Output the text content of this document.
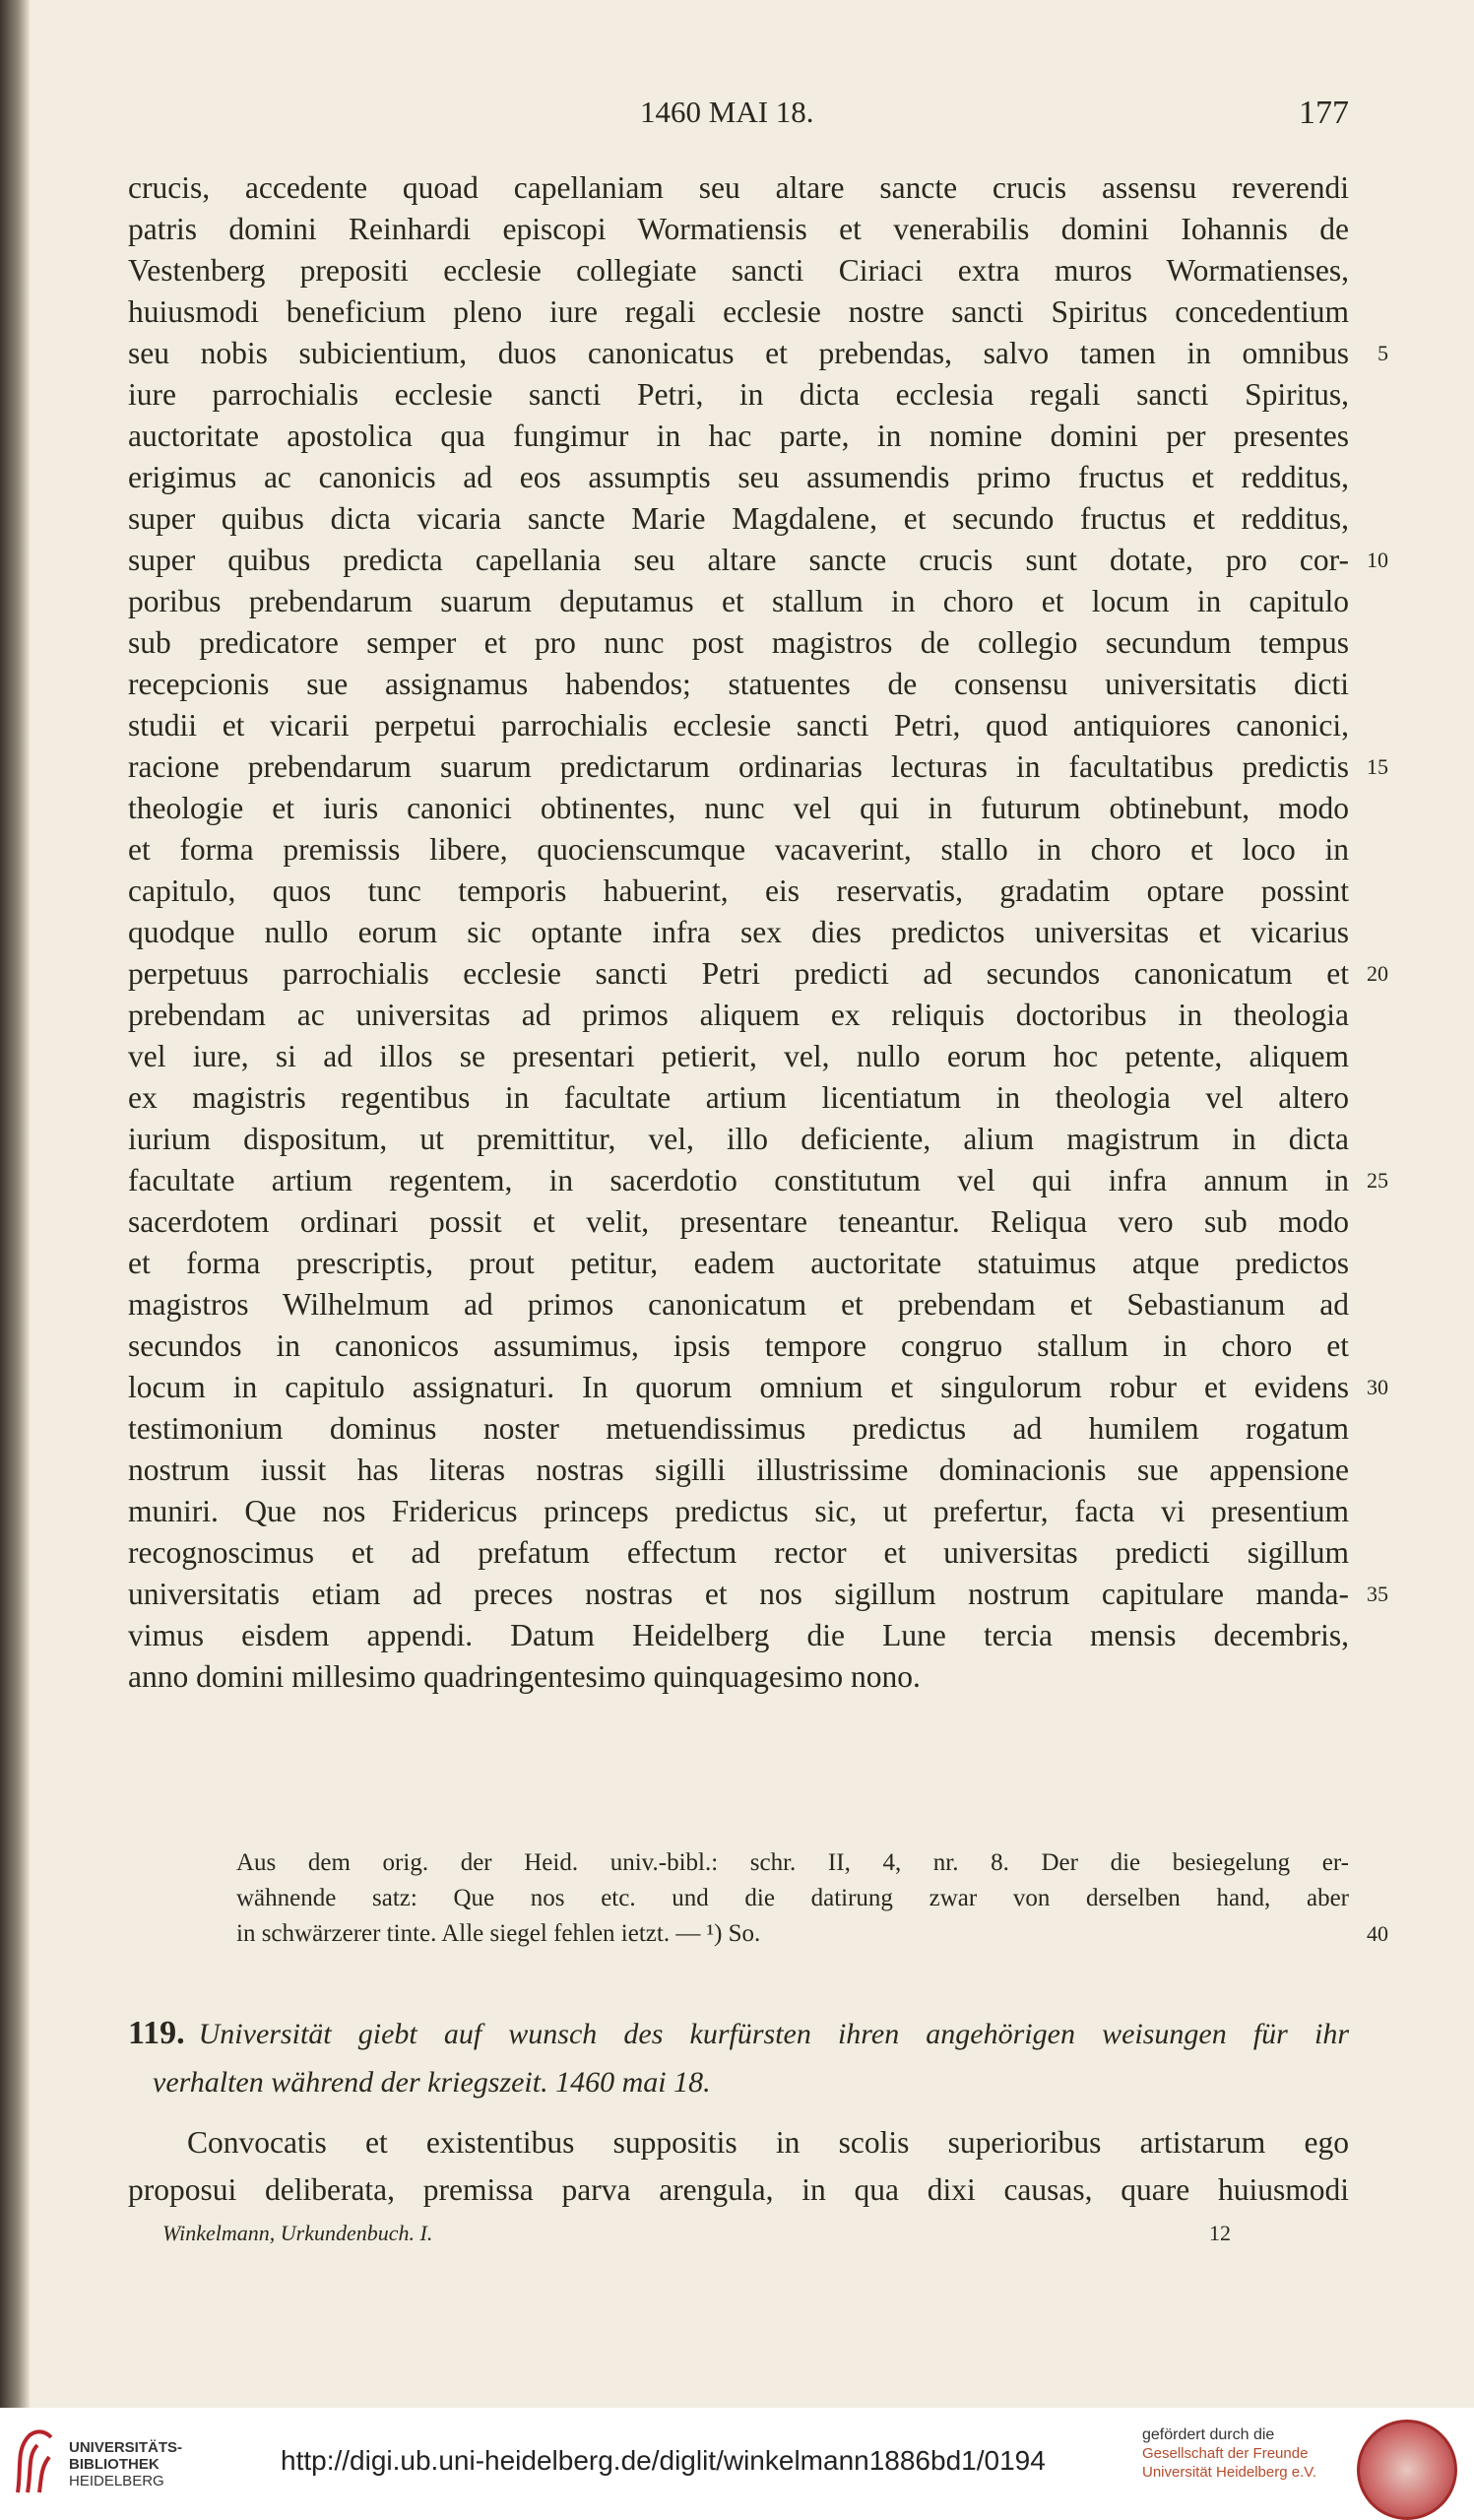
1460 MAI 18.	177
crucis, accedente quoad capellaniam seu altare sancte crucis assensu reverendi
patris domini Reinhardi episcopi Wormatiensis et venerabilis domini Iohannis de
Vestenberg prepositi ecclesie collegiate sancti Ciriaci extra muros Wormatienses,
huiusmodi beneficium pleno iure regali ecclesie nostre sancti Spiritus concedentium
seu nobis subicientium, duos canonicatus et prebendas, salvo tamen in omnibus	5
iure parrochialis ecclesie sancti Petri, in dicta ecclesia regali sancti Spiritus,
auctoritate apostolica qua fungimur in hac parte, in nomine domini per presentes
erigimus ac canonicis ad eos assumptis seu assumendis primo fructus et redditus,
super quibus dicta vicaria sancte Marie Magdalene, et secundo fructus et redditus,
super quibus predicta capellania seu altare sancte crucis sunt dotate, pro cor- 10
poribus prebendarum suarum deputamus et stallum in choro et locum in capitulo
sub predicatore semper et pro nunc post magistros de collegio secundum tempus
recepcionis sue assignamus habendos; statuentes de consensu universitatis dicti
studii et vicarii perpetui parrochialis ecclesie sancti Petri, quod antiquiores canonici,
racione prebendarum suarum predictarum ordinarias lecturas in facultatibus predictis 15
theologie et iuris canonici obtinentes, nunc vel qui in futurum obtinebunt, modo
et forma premissis libere, quocienscumque vacaverint, stallo in choro et loco in
capitulo, quos tunc temporis habuerint, eis reservatis, gradatim optare possint
quodque nullo eorum sic optante infra sex dies predictos universitas et vicarius
perpetuus parrochialis ecclesie sancti Petri predicti ad secundos canonicatum et 20
prebendam ac universitas ad primos aliquem ex reliquis doctoribus in theologia
vel iure, si ad illos se presentari petierit, vel, nullo eorum hoc petente, aliquem
ex magistris regentibus in facultate artium licentiatum in theologia vel altero
iurium dispositum, ut premittitur, vel, illo deficiente, alium magistrum in dicta
facultate artium regentem, in sacerdotio constitutum vel qui infra annum in 25
sacerdotem ordinari possit et velit, presentare teneantur. Reliqua vero sub modo
et forma prescriptis, prout petitur, eadem auctoritate statuimus atque predictos
magistros Wilhelmum ad primos canonicatum et prebendam et Sebastianum ad
secundos in canonicos assumimus, ipsis tempore congruo stallum in choro et
locum in capitulo assignaturi. In quorum omnium et singulorum robur et evidens 30
testimonium dominus noster metuendissimus predictus ad humilem rogatum
nostrum iussit has literas nostras sigilli illustrissime dominacionis sue appensione
muniri. Que nos Fridericus princeps predictus sic, ut prefertur, facta vi presentium
recognoscimus et ad prefatum effectum rector et universitas predicti sigillum
universitatis etiam ad preces nostras et nos sigillum nostrum capitulare manda- 35
vimus eisdem appendi. Datum Heidelberg die Lune tercia mensis decembris,
anno domini millesimo quadringentesimo quinquagesimo nono.
Aus dem orig. der Heid. univ.-bibl.: schr. II, 4, nr. 8. Der die besiegelung er-
wähnende satz: Que nos etc. und die datirung zwar von derselben hand, aber
in schwärzerer tinte. Alle siegel fehlen ietzt. — ¹) So.	40
119. Universität giebt auf wunsch des kurfürsten ihren angehörigen weisungen für ihr
verhalten während der kriegszeit. 1460 mai 18.
Convocatis et existentibus suppositis in scolis superioribus artistarum ego
proposui deliberata, premissa parva arengula, in qua dixi causas, quare huiusmodi
Winkelmann, Urkundenbuch. I.	12
UNIVERSITÄTS-
BIBLIOTHEK
HEIDELBERG
http://digi.ub.uni-heidelberg.de/diglit/winkelmann1886bd1/0194
gefördert durch die
Gesellschaft der Freunde
Universität Heidelberg e.V.
